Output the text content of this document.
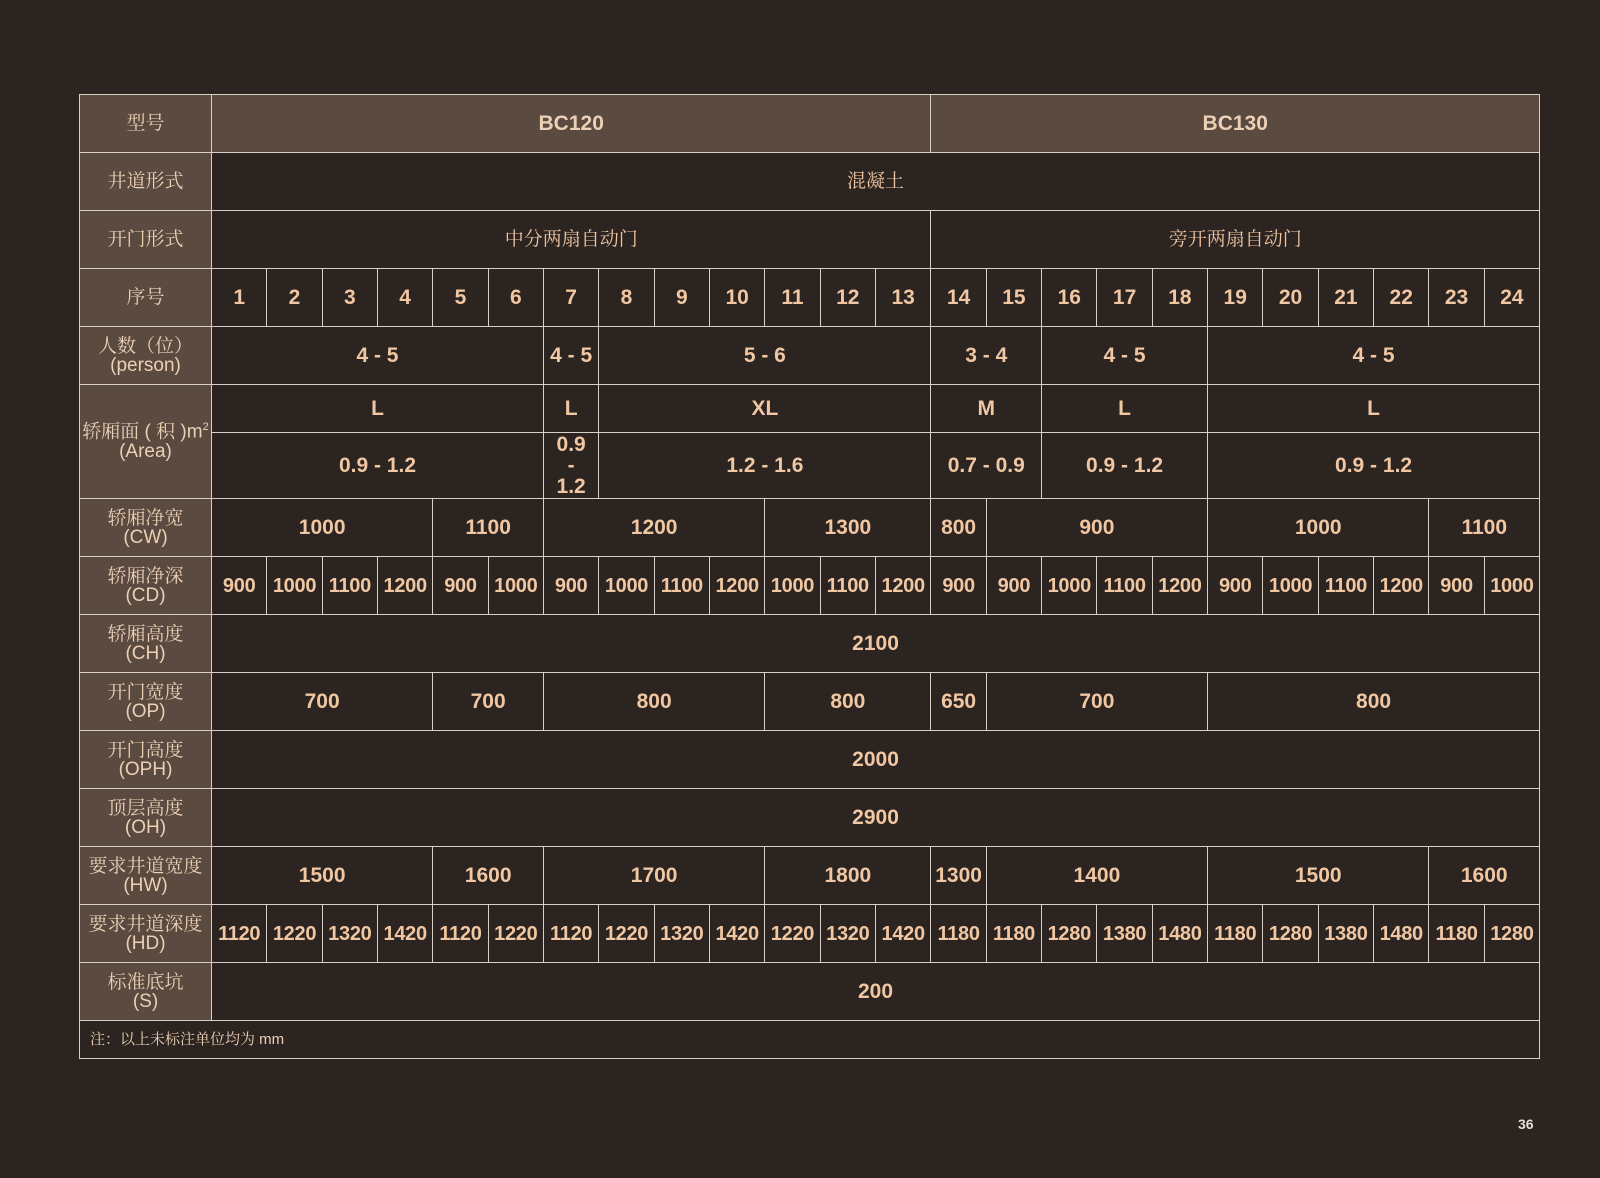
型号	BC120													BC130										
井道形式	混凝土																							
开门形式	中分两扇自动门													旁开两扇自动门										
序号	1	2	3	4	5	6	7	8	9	10	11	12	13	14	15	16	17	18	19	20	21	22	23	24

人数（位）
(person)	4 - 5						4 - 5	5 - 6						3 - 4		4 - 5			4 - 5					

轿厢面 ( 积 )$m^2$
(Area)	L						L	XL						M		L			L					
	0.9 - 1.2						0.9
-
1.2	1.2 - 1.6						0.7 - 0.9		0.9 - 1.2			0.9 - 1.2					

轿厢净宽
(CW)	1000				1100		1200				1300			800	900				1000				1100	

轿厢净深
(CD)	900	1000	1100	1200	900	1000	900	1000	1100	1200	1000	1100	1200	900	900	1000	1100	1200	900	1000	1100	1200	900	1000

轿厢高度
(CH)	2100																							

开门宽度
(OP)	700				700		800				800			650	700				800					

开门高度
(OPH)	2000																							

顶层高度
(OH)	2900																							

要求井道宽度
(HW)	1500				1600		1700				1800			1300	1400				1500				1600	

要求井道深度
(HD)	1120	1220	1320	1420	1120	1220	1120	1220	1320	1420	1220	1320	1420	1180	1180	1280	1380	1480	1180	1280	1380	1480	1180	1280

标准底坑
(S)	200																							
注：以上未标注单位均为 mm																								
36
